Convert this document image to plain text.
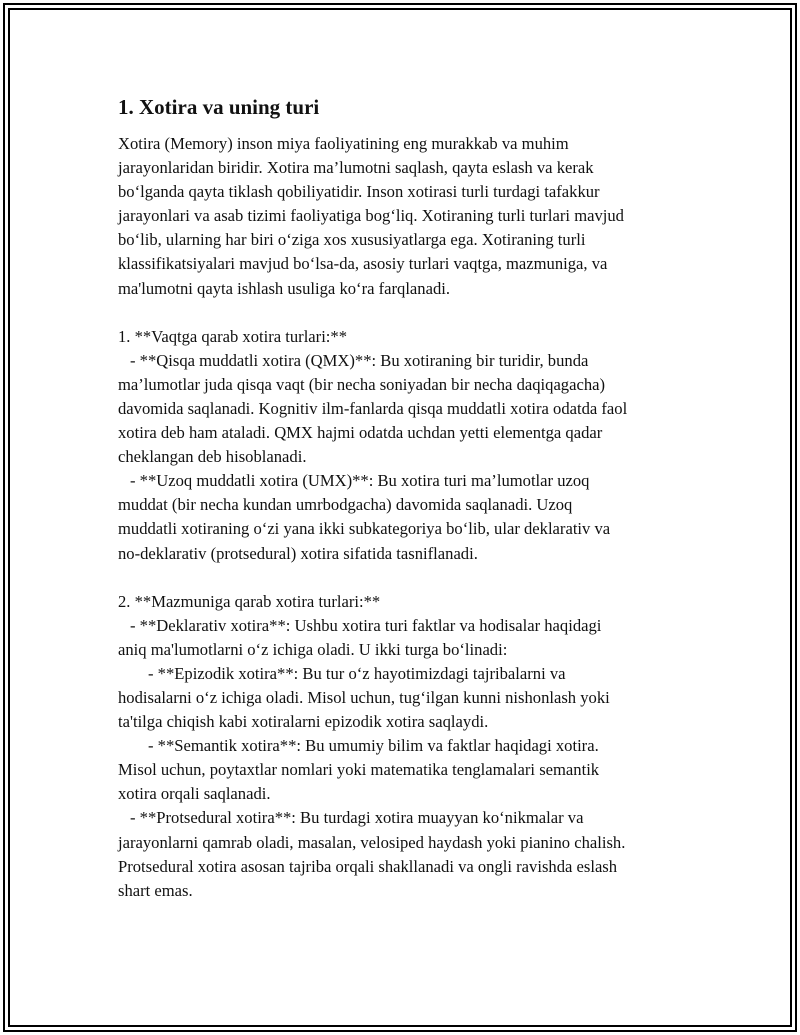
1. Xotira va uning turi
Xotira (Memory) inson miya faoliyatining eng murakkab va muhim
jarayonlaridan biridir. Xotira ma’lumotni saqlash, qayta eslash va kerak
bo‘lganda qayta tiklash qobiliyatidir. Inson xotirasi turli turdagi tafakkur
jarayonlari va asab tizimi faoliyatiga bog‘liq. Xotiraning turli turlari mavjud
bo‘lib, ularning har biri o‘ziga xos xususiyatlarga ega. Xotiraning turli
klassifikatsiyalari mavjud bo‘lsa-da, asosiy turlari vaqtga, mazmuniga, va
ma'lumotni qayta ishlash usuliga ko‘ra farqlanadi.
1. **Vaqtga qarab xotira turlari:**
- **Qisqa muddatli xotira (QMX)**: Bu xotiraning bir turidir, bunda
ma’lumotlar juda qisqa vaqt (bir necha soniyadan bir necha daqiqagacha)
davomida saqlanadi. Kognitiv ilm-fanlarda qisqa muddatli xotira odatda faol
xotira deb ham ataladi. QMX hajmi odatda uchdan yetti elementga qadar
cheklangan deb hisoblanadi.
- **Uzoq muddatli xotira (UMX)**: Bu xotira turi ma’lumotlar uzoq
muddat (bir necha kundan umrbodgacha) davomida saqlanadi. Uzoq
muddatli xotiraning o‘zi yana ikki subkategoriya bo‘lib, ular deklarativ va
no-deklarativ (protsedural) xotira sifatida tasniflanadi.
2. **Mazmuniga qarab xotira turlari:**
- **Deklarativ xotira**: Ushbu xotira turi faktlar va hodisalar haqidagi
aniq ma'lumotlarni o‘z ichiga oladi. U ikki turga bo‘linadi:
- **Epizodik xotira**: Bu tur o‘z hayotimizdagi tajribalarni va
hodisalarni o‘z ichiga oladi. Misol uchun, tug‘ilgan kunni nishonlash yoki
ta'tilga chiqish kabi xotiralarni epizodik xotira saqlaydi.
- **Semantik xotira**: Bu umumiy bilim va faktlar haqidagi xotira.
Misol uchun, poytaxtlar nomlari yoki matematika tenglamalari semantik
xotira orqali saqlanadi.
- **Protsedural xotira**: Bu turdagi xotira muayyan ko‘nikmalar va
jarayonlarni qamrab oladi, masalan, velosiped haydash yoki pianino chalish.
Protsedural xotira asosan tajriba orqali shakllanadi va ongli ravishda eslash
shart emas.
